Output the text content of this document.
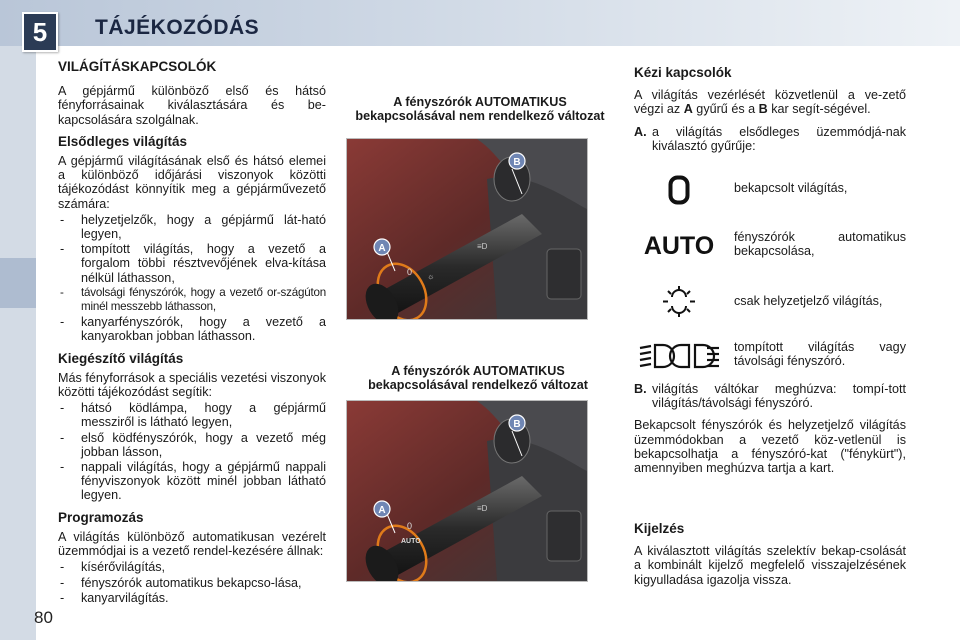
5	TÁJÉKOZÓDÁS
80
VILÁGÍTÁSKAPCSOLÓK

A gépjármű különböző első és hátsó fényforrásainak kiválasztására és be-kapcsolására szolgálnak.

Elsődleges világítás

A gépjármű világításának első és hátsó elemei a különböző időjárási viszonyok közötti tájékozódást könnyítik meg a gépjárművezető számára:

- helyzetjelzők, hogy a gépjármű lát-ható legyen,
- tompított világítás, hogy a vezető a forgalom többi résztvevőjének elva-kítása nélkül láthasson,
- távolsági fényszórók, hogy a vezető or-szágúton minél messzebb láthasson,
- kanyarfényszórók, hogy a vezető a kanyarokban jobban láthasson.
Kiegészítő világítás

Más fényforrások a speciális vezetési viszonyok közötti tájékozódást segítik:

- hátsó ködlámpa, hogy a gépjármű messziről is látható legyen,
- első ködfényszórók, hogy a vezető még jobban lásson,
- nappali világítás, hogy a gépjármű nappali fényviszonyok között minél jobban látható legyen.
Programozás

A világítás különböző automatikusan vezérelt üzemmódjai is a vezető rendel-kezésére állnak:

- kísérővilágítás,
- fényszórók automatikus bekapcso-lása,
- kanyarvilágítás.
A fényszórók AUTOMATIKUS bekapcsolásával nem rendelkező változat
0 ☼
≡D
B
A
A fényszórók AUTOMATIKUS bekapcsolásával rendelkező változat
0
AUTO
≡D
B
A
Kézi kapcsolók

A világítás vezérlését közvetlenül a ve-zető végzi az A gyűrű és a B kar segít-ségével.

A. a világítás elsődleges üzemmódjá-nak kiválasztó gyűrűje:
bekapcsolt világítás,
AUTO fényszórók automatikus bekapcsolása,
csak helyzetjelző világítás,
tompított világítás vagy távolsági fényszóró.
B. világítás váltókar meghúzva: tompí-tott világítás/távolsági fényszóró.

Bekapcsolt fényszórók és helyzetjelző világítás üzemmódokban a vezető köz-vetlenül is bekapcsolhatja a fényszóró-kat ("fénykürt"), amennyiben meghúzva tartja a kart.

Kijelzés

A kiválasztott világítás szelektív bekap-csolását a kombinált kijelző megfelelő visszajelzésének kigyulladása igazolja vissza.
